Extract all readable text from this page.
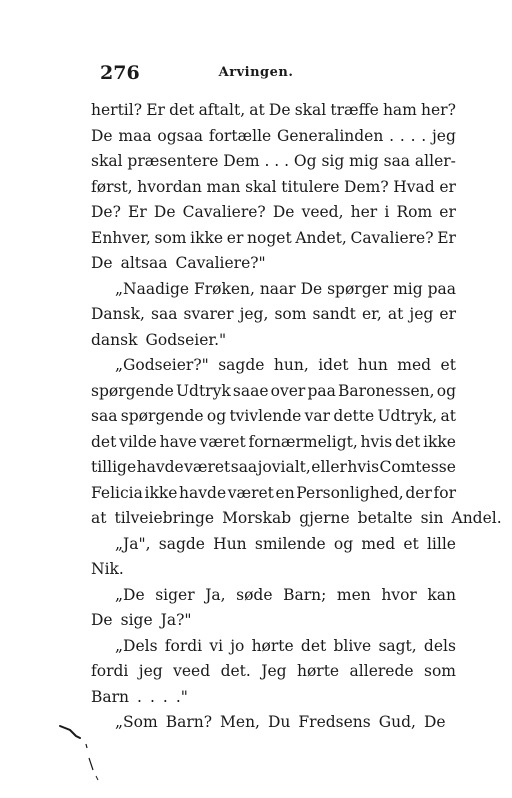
276	Arvingen.
hertil? Er det aftalt, at De skal træffe ham her?
De maa ogsaa fortælle Generalinden . . . . jeg
skal præsentere Dem . . . Og sig mig saa aller-
først, hvordan man skal titulere Dem? Hvad er
De? Er De Cavaliere? De veed, her i Rom er
Enhver, som ikke er noget Andet, Cavaliere? Er
De altsaa Cavaliere?"
„Naadige Frøken, naar De spørger mig paa
Dansk, saa svarer jeg, som sandt er, at jeg er
dansk Godseier."
„Godseier?" sagde hun, idet hun med et
spørgende Udtryk saae over paa Baronessen, og
saa spørgende og tvivlende var dette Udtryk, at
det vilde have været fornærmeligt, hvis det ikke
tillige havde været saa jovialt, eller hvis Comtesse
Felicia ikke havde været en Personlighed, der for
at tilveiebringe Morskab gjerne betalte sin Andel.
„Ja", sagde Hun smilende og med et lille
Nik.
„De siger Ja, søde Barn; men hvor kan
De sige Ja?"
„Dels fordi vi jo hørte det blive sagt, dels
fordi jeg veed det. Jeg hørte allerede som
Barn . . . ."
„Som Barn? Men, Du Fredsens Gud, De
